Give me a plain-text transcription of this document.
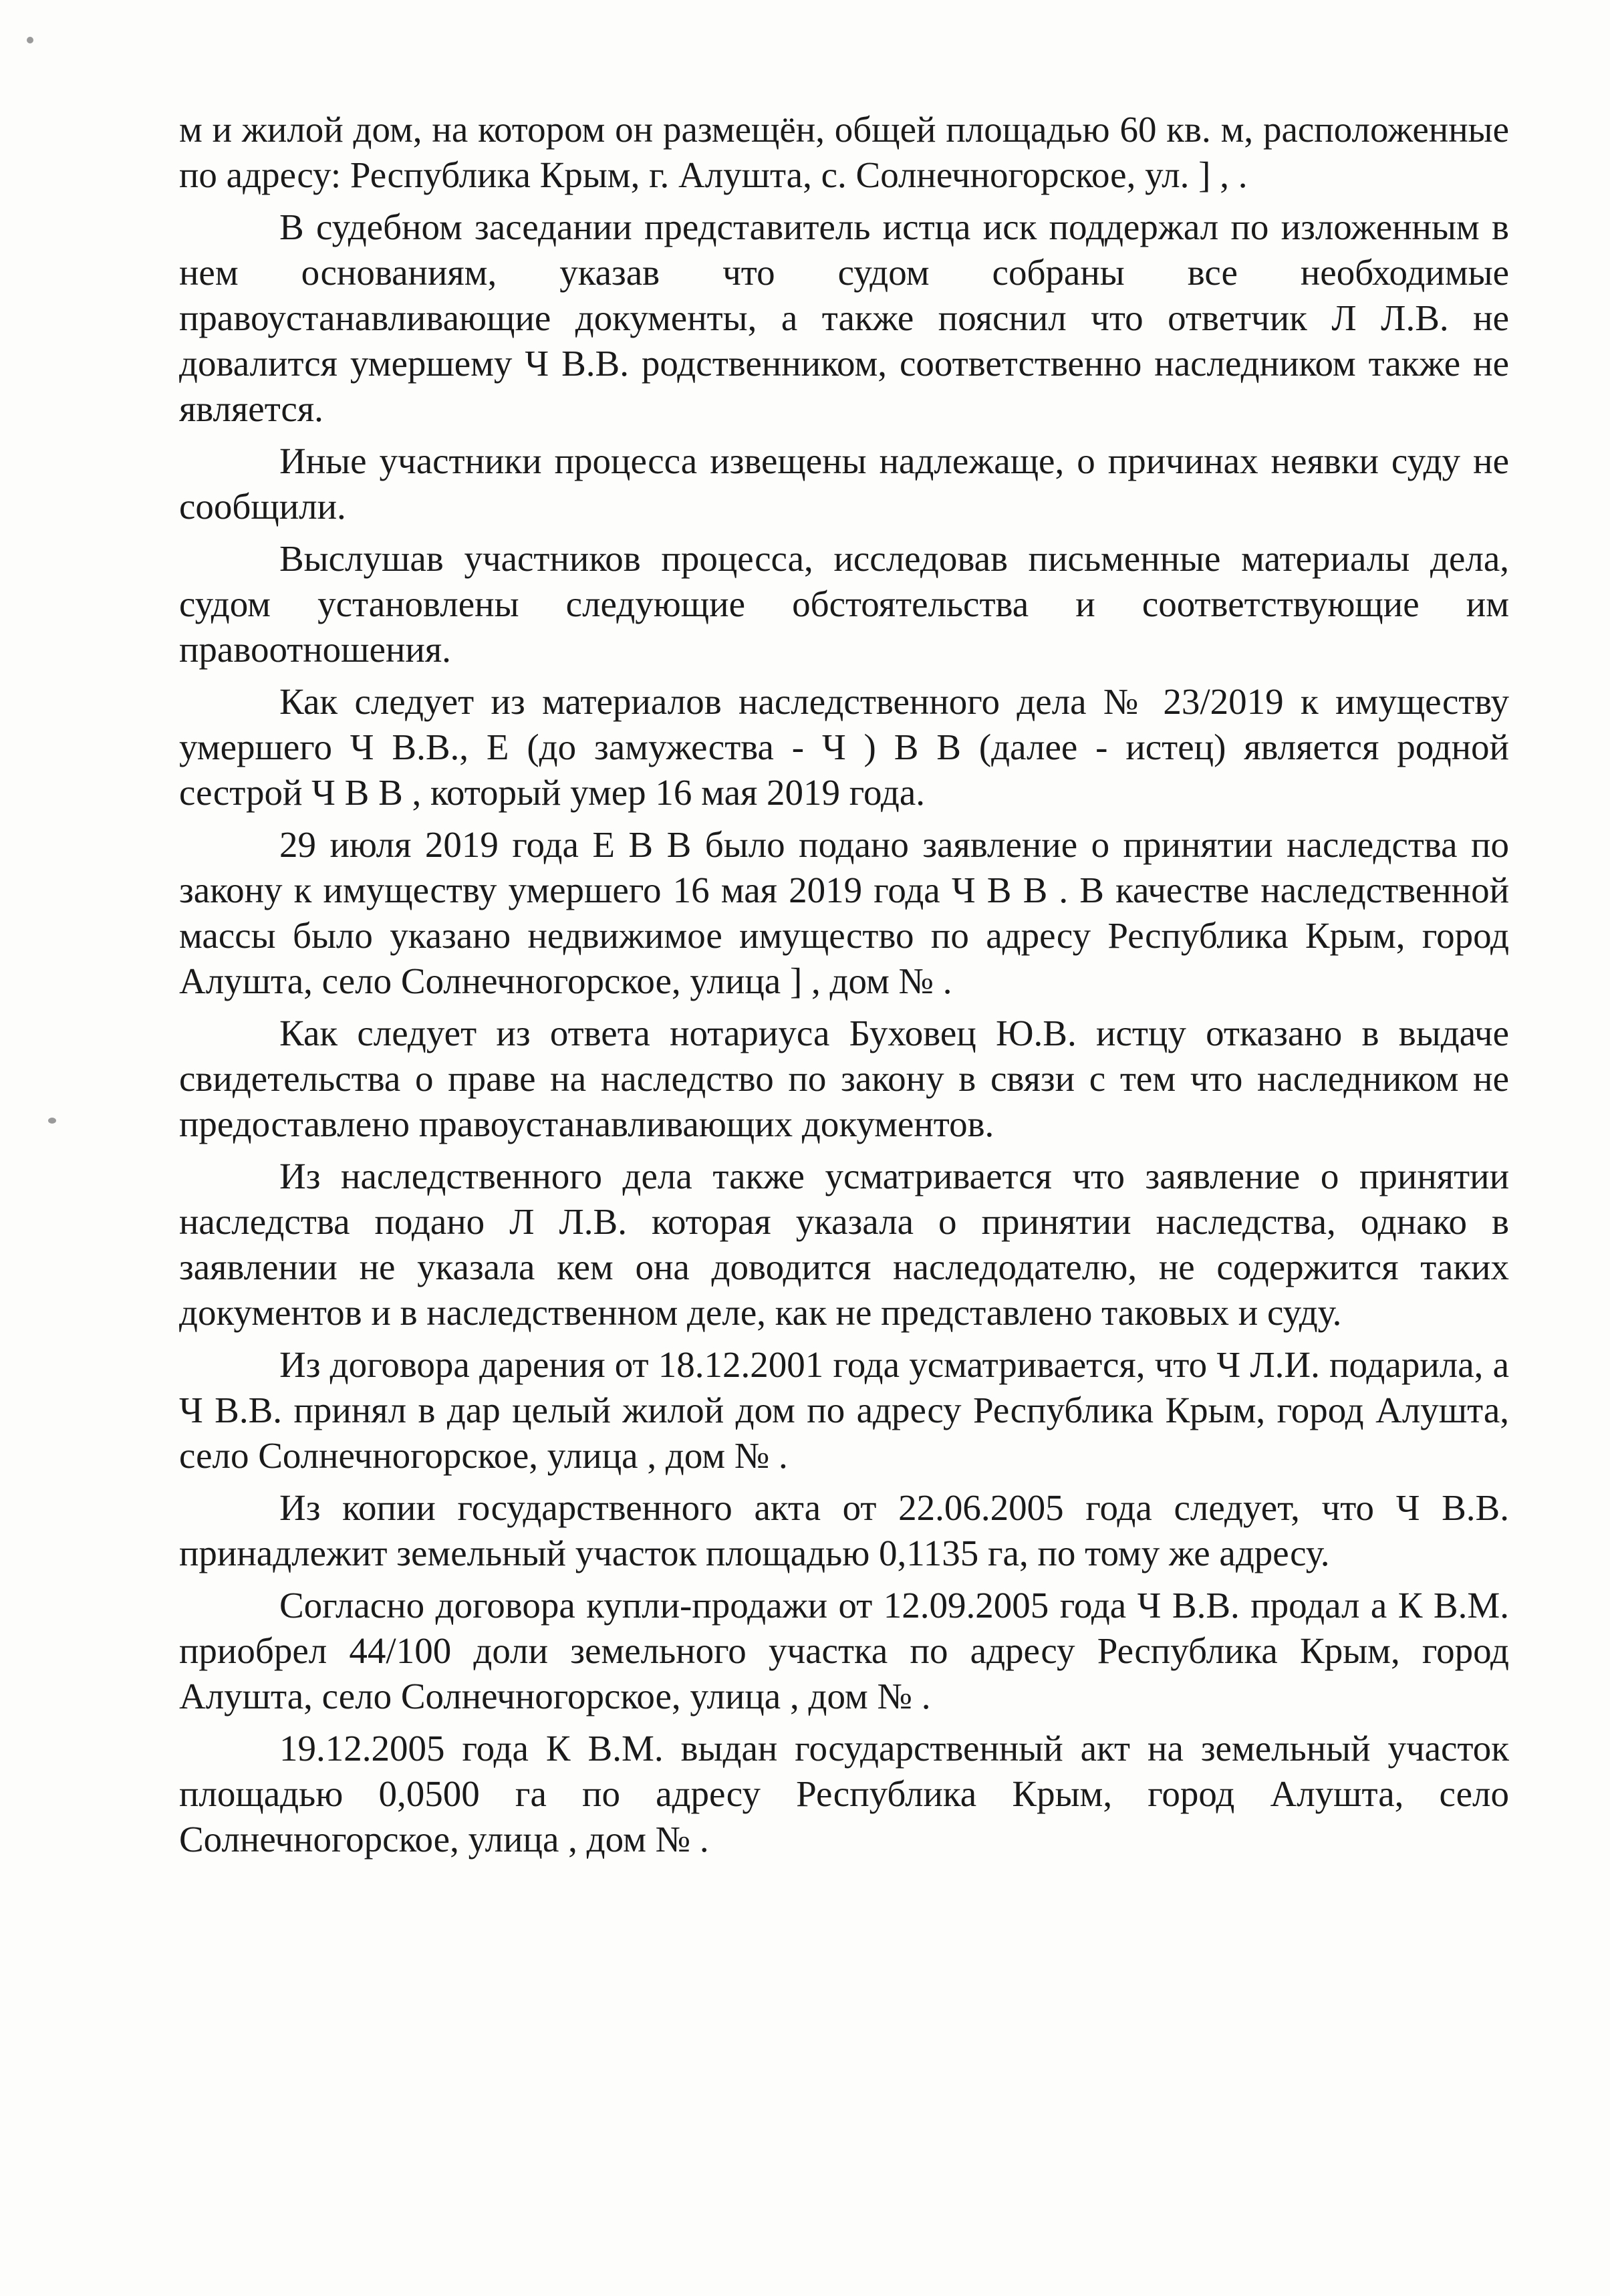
м и жилой дом, на котором он размещён, общей площадью 60 кв. м, расположенные по адресу: Республика Крым, г. Алушта, с. Солнечногорское, ул. ] , .

В судебном заседании представитель истца иск поддержал по изложенным в нем основаниям, указав что судом собраны все необходимые правоустанавливающие документы, а также пояснил что ответчик Л Л.В. не довалится умершему Ч В.В. родственником, соответственно наследником также не является.

Иные участники процесса извещены надлежаще, о причинах неявки суду не сообщили.

Выслушав участников процесса, исследовав письменные материалы дела, судом установлены следующие обстоятельства и соответствующие им правоотношения.

Как следует из материалов наследственного дела № 23/2019 к имуществу умершего Ч В.В., Е (до замужества - Ч ) В В (далее - истец) является родной сестрой Ч В В , который умер 16 мая 2019 года.

29 июля 2019 года Е В В было подано заявление о принятии наследства по закону к имуществу умершего 16 мая 2019 года Ч В В . В качестве наследственной массы было указано недвижимое имущество по адресу Республика Крым, город Алушта, село Солнечногорское, улица ] , дом № .

Как следует из ответа нотариуса Буховец Ю.В. истцу отказано в выдаче свидетельства о праве на наследство по закону в связи с тем что наследником не предоставлено правоустанавливающих документов.

Из наследственного дела также усматривается что заявление о принятии наследства подано Л Л.В. которая указала о принятии наследства, однако в заявлении не указала кем она доводится наследодателю, не содержится таких документов и в наследственном деле, как не представлено таковых и суду.

Из договора дарения от 18.12.2001 года усматривается, что Ч Л.И. подарила, а Ч В.В. принял в дар целый жилой дом по адресу Республика Крым, город Алушта, село Солнечногорское, улица , дом № .

Из копии государственного акта от 22.06.2005 года следует, что Ч В.В. принадлежит земельный участок площадью 0,1135 га, по тому же адресу.

Согласно договора купли-продажи от 12.09.2005 года Ч В.В. продал а К В.М. приобрел 44/100 доли земельного участка по адресу Республика Крым, город Алушта, село Солнечногорское, улица , дом № .

19.12.2005 года К В.М. выдан государственный акт на земельный участок площадью 0,0500 га по адресу Республика Крым, город Алушта, село Солнечногорское, улица , дом № .
